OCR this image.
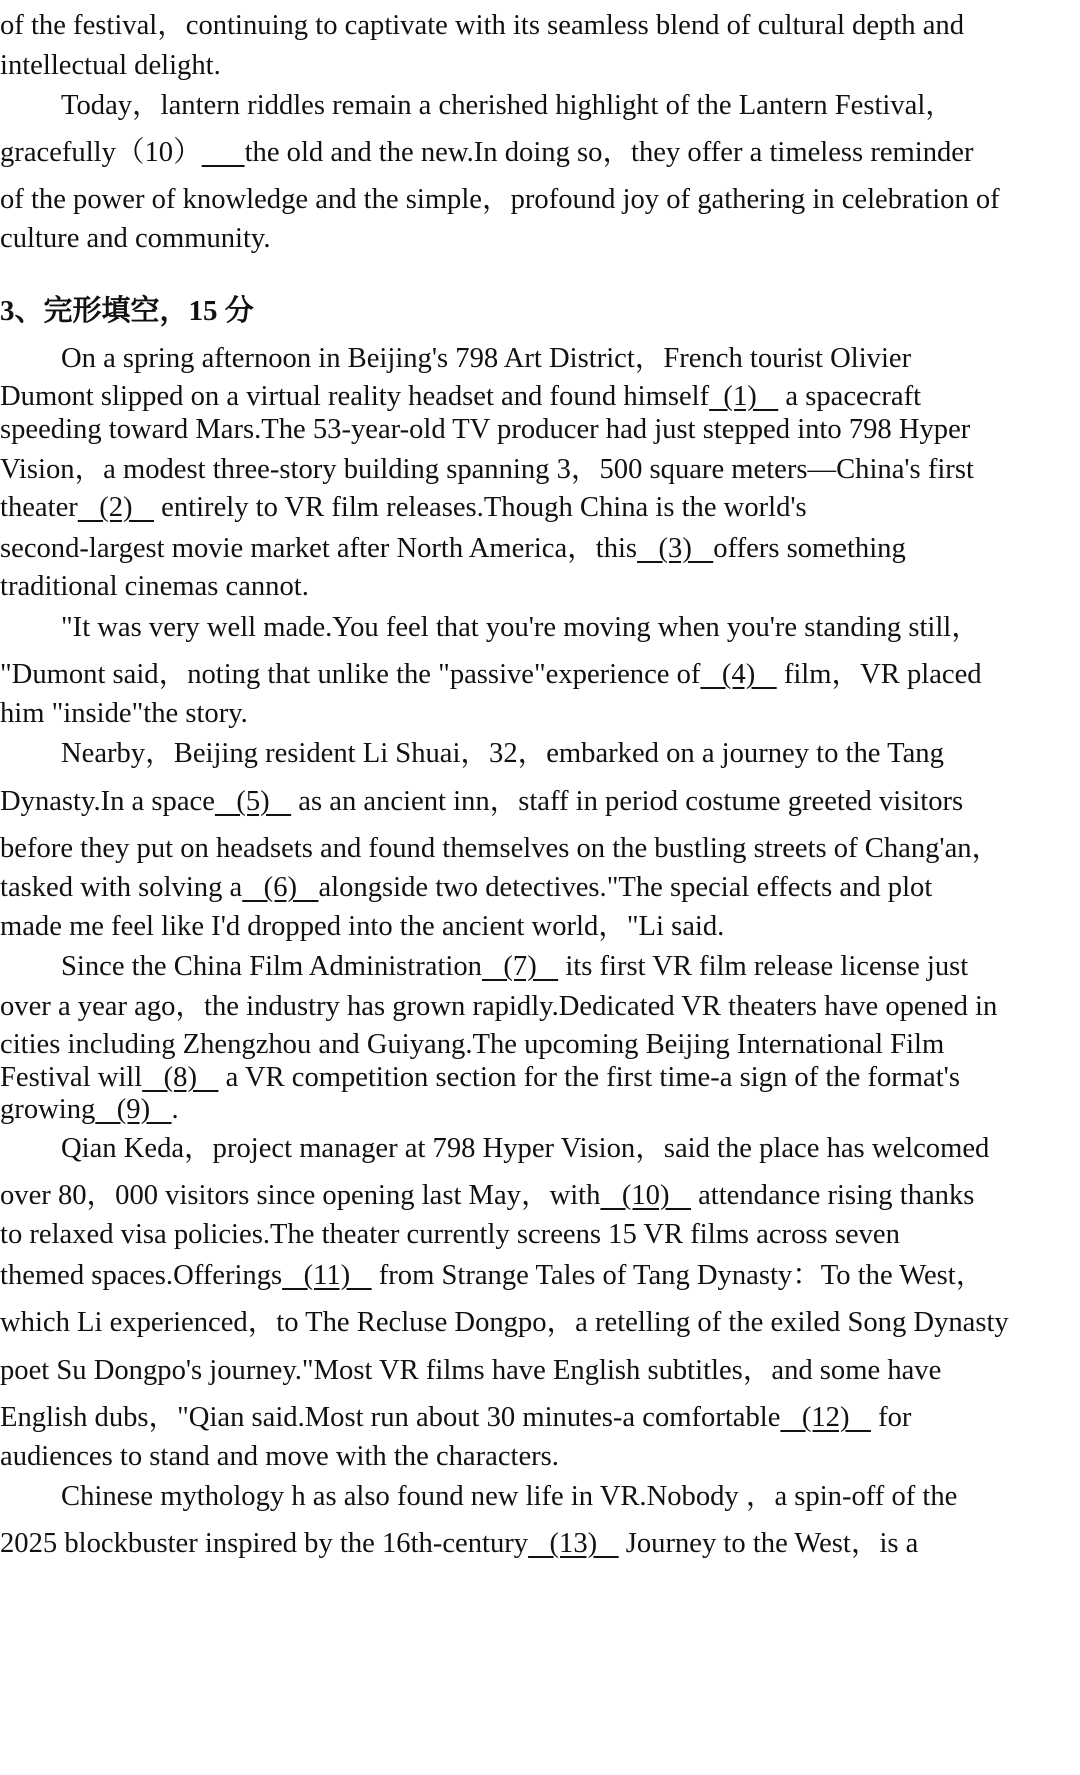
of the festival，continuing to captivate with its seamless blend of cultural depth and
intellectual delight.
Today，lantern riddles remain a cherished highlight of the Lantern Festival，
gracefully（10） the old and the new.In doing so，they offer a timeless reminder
of the power of knowledge and the simple，profound joy of gathering in celebration of
culture and community.
3、完形填空，15 分
On a spring afternoon in Beijing's 798 Art District，French tourist Olivier
Dumont slipped on a virtual reality headset and found himself  (1)    a spacecraft
speeding toward Mars.The 53-year-old TV producer had just stepped into 798 Hyper
Vision，a modest three-story building spanning 3，500 square meters—China's first
theater   (2)    entirely to VR film releases.Though China is the world's
second-largest movie market after North America，this   (3)   offers something
traditional cinemas cannot.
"It was very well made.You feel that you're moving when you're standing still，
"Dumont said，noting that unlike the "passive"experience of   (4)    film，VR placed
him "inside"the story.
Nearby，Beijing resident Li Shuai，32，embarked on a journey to the Tang
Dynasty.In a space   (5)    as an ancient inn，staff in period costume greeted visitors
before they put on headsets and found themselves on the bustling streets of Chang'an，
tasked with solving a   (6)   alongside two detectives."The special effects and plot
made me feel like I'd dropped into the ancient world，"Li said.
Since the China Film Administration   (7)    its first VR film release license just
over a year ago，the industry has grown rapidly.Dedicated VR theaters have opened in
cities including Zhengzhou and Guiyang.The upcoming Beijing International Film
Festival will   (8)    a VR competition section for the first time-a sign of the format's
growing   (9)   .
Qian Keda，project manager at 798 Hyper Vision，said the place has welcomed
over 80，000 visitors since opening last May，with   (10)    attendance rising thanks
to relaxed visa policies.The theater currently screens 15 VR films across seven
themed spaces.Offerings   (11)    from Strange Tales of Tang Dynasty：To the West，
which Li experienced，to The Recluse Dongpo，a retelling of the exiled Song Dynasty
poet Su Dongpo's journey."Most VR films have English subtitles，and some have
English dubs，"Qian said.Most run about 30 minutes-a comfortable   (12)    for
audiences to stand and move with the characters.
Chinese mythology h as also found new life in VR.Nobody ，a spin-off of the
2025 blockbuster inspired by the 16th-century   (13)    Journey to the West，is a
